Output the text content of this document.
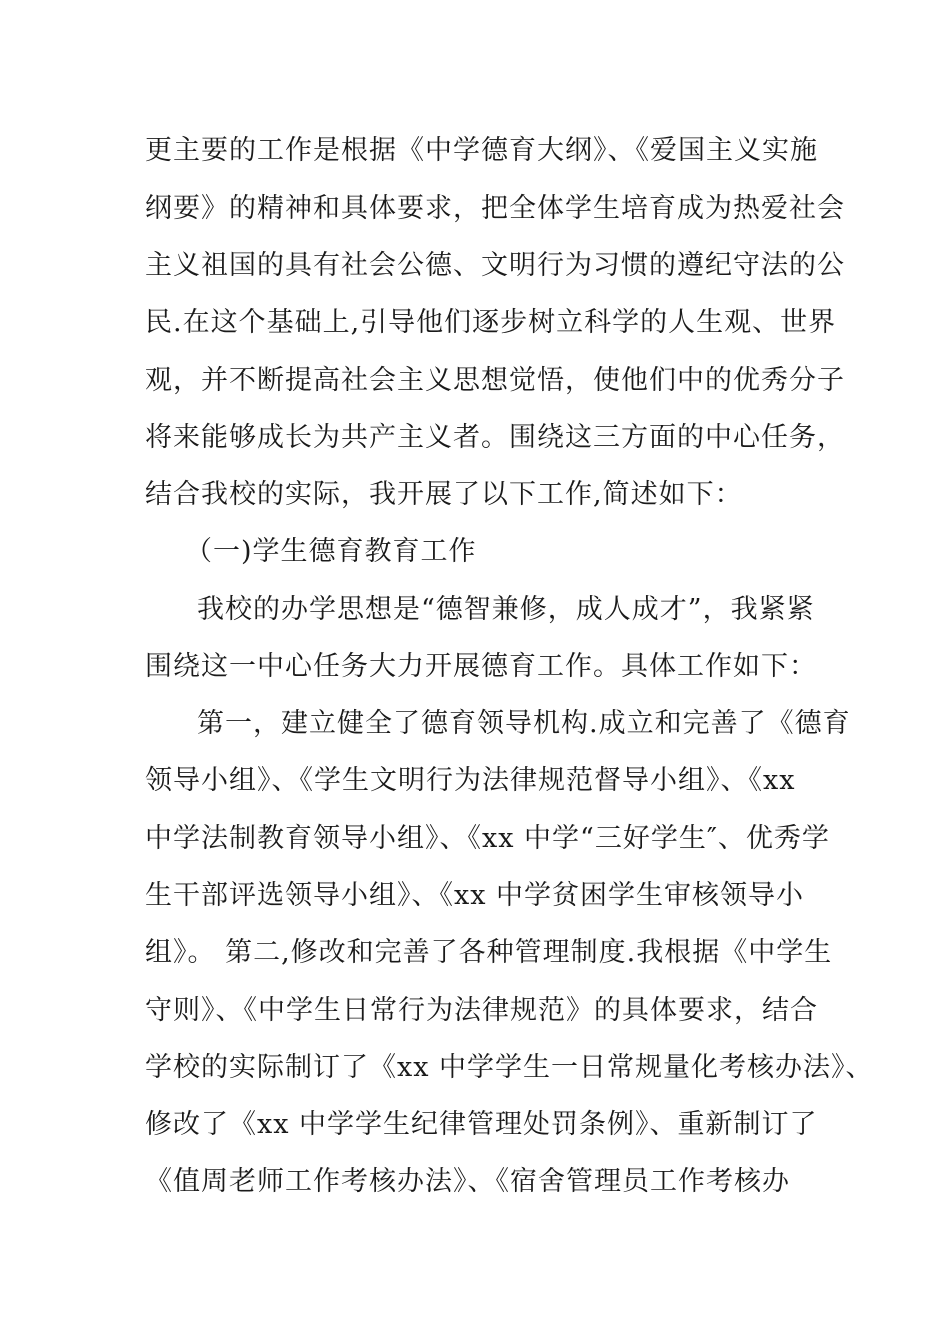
更主要的工作是根据《中学德育大纲》、《爱国主义实施
纲要》的精神和具体要求，把全体学生培育成为热爱社会
主义祖国的具有社会公德、文明行为习惯的遵纪守法的公
民.在这个基础上,引导他们逐步树立科学的人生观、世界
观，并不断提高社会主义思想觉悟，使他们中的优秀分子
将来能够成长为共产主义者。围绕这三方面的中心任务，
结合我校的实际，我开展了以下工作,简述如下：
（一)学生德育教育工作
我校的办学思想是“德智兼修，成人成才”，我紧紧
围绕这一中心任务大力开展德育工作。具体工作如下：
第一，建立健全了德育领导机构.成立和完善了《德育
领导小组》、《学生文明行为法律规范督导小组》、《xx
中学法制教育领导小组》、《xx 中学“三好学生″、优秀学
生干部评选领导小组》、《xx 中学贫困学生审核领导小
组》。 第二,修改和完善了各种管理制度.我根据《中学生
守则》、《中学生日常行为法律规范》的具体要求，结合
学校的实际制订了《xx 中学学生一日常规量化考核办法》、
修改了《xx 中学学生纪律管理处罚条例》、重新制订了
《值周老师工作考核办法》、《宿舍管理员工作考核办
